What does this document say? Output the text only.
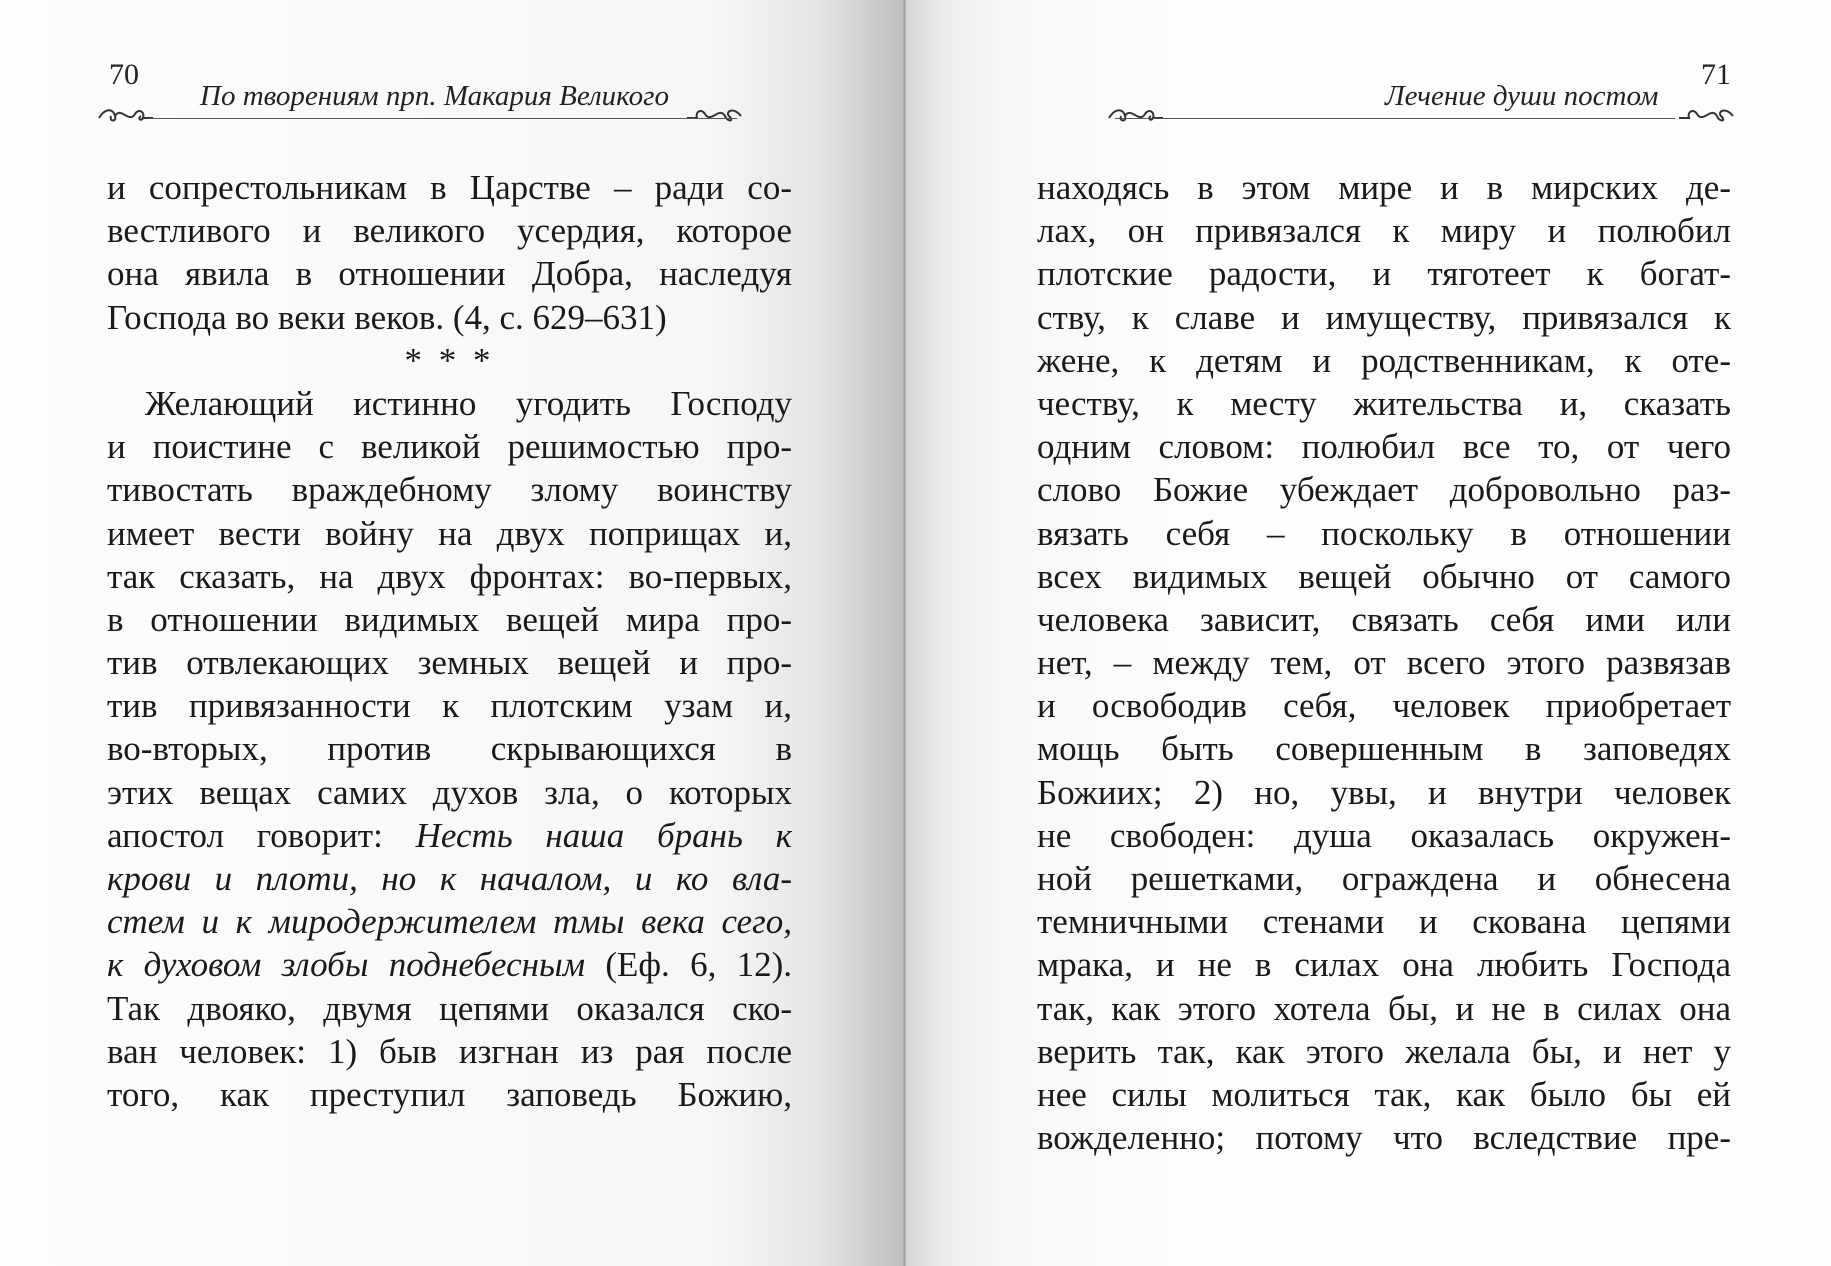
70
По творениям прп. Макария Великого
и сопрестольникам в Царстве – ради со-
вестливого и великого усердия, которое
она явила в отношении Добра, наследуя
Господа во веки веков. (4, с. 629–631)
* * *
Желающий истинно угодить Господу
и поистине с великой решимостью про-
тивостать враждебному злому воинству
имеет вести войну на двух поприщах и,
так сказать, на двух фронтах: во-первых,
в отношении видимых вещей мира про-
тив отвлекающих земных вещей и про-
тив привязанности к плотским узам и,
во-вторых, против скрывающихся в
этих вещах самих духов зла, о которых
апостол говорит: Несть наша брань к
крови и плоти, но к началом, и ко вла-
стем и к миродержителем тмы века сего,
к духовом злобы поднебесным (Еф. 6, 12).
Так двояко, двумя цепями оказался ско-
ван человек: 1) быв изгнан из рая после
того, как преступил заповедь Божию,
Лечение души постом
71
находясь в этом мире и в мирских де-
лах, он привязался к миру и полюбил
плотские радости, и тяготеет к богат-
ству, к славе и имуществу, привязался к
жене, к детям и родственникам, к оте-
честву, к месту жительства и, сказать
одним словом: полюбил все то, от чего
слово Божие убеждает добровольно раз-
вязать себя – поскольку в отношении
всех видимых вещей обычно от самого
человека зависит, связать себя ими или
нет, – между тем, от всего этого развязав
и освободив себя, человек приобретает
мощь быть совершенным в заповедях
Божиих; 2) но, увы, и внутри человек
не свободен: душа оказалась окружен-
ной решетками, ограждена и обнесена
темничными стенами и скована цепями
мрака, и не в силах она любить Господа
так, как этого хотела бы, и не в силах она
верить так, как этого желала бы, и нет у
нее силы молиться так, как было бы ей
вожделенно; потому что вследствие пре-
